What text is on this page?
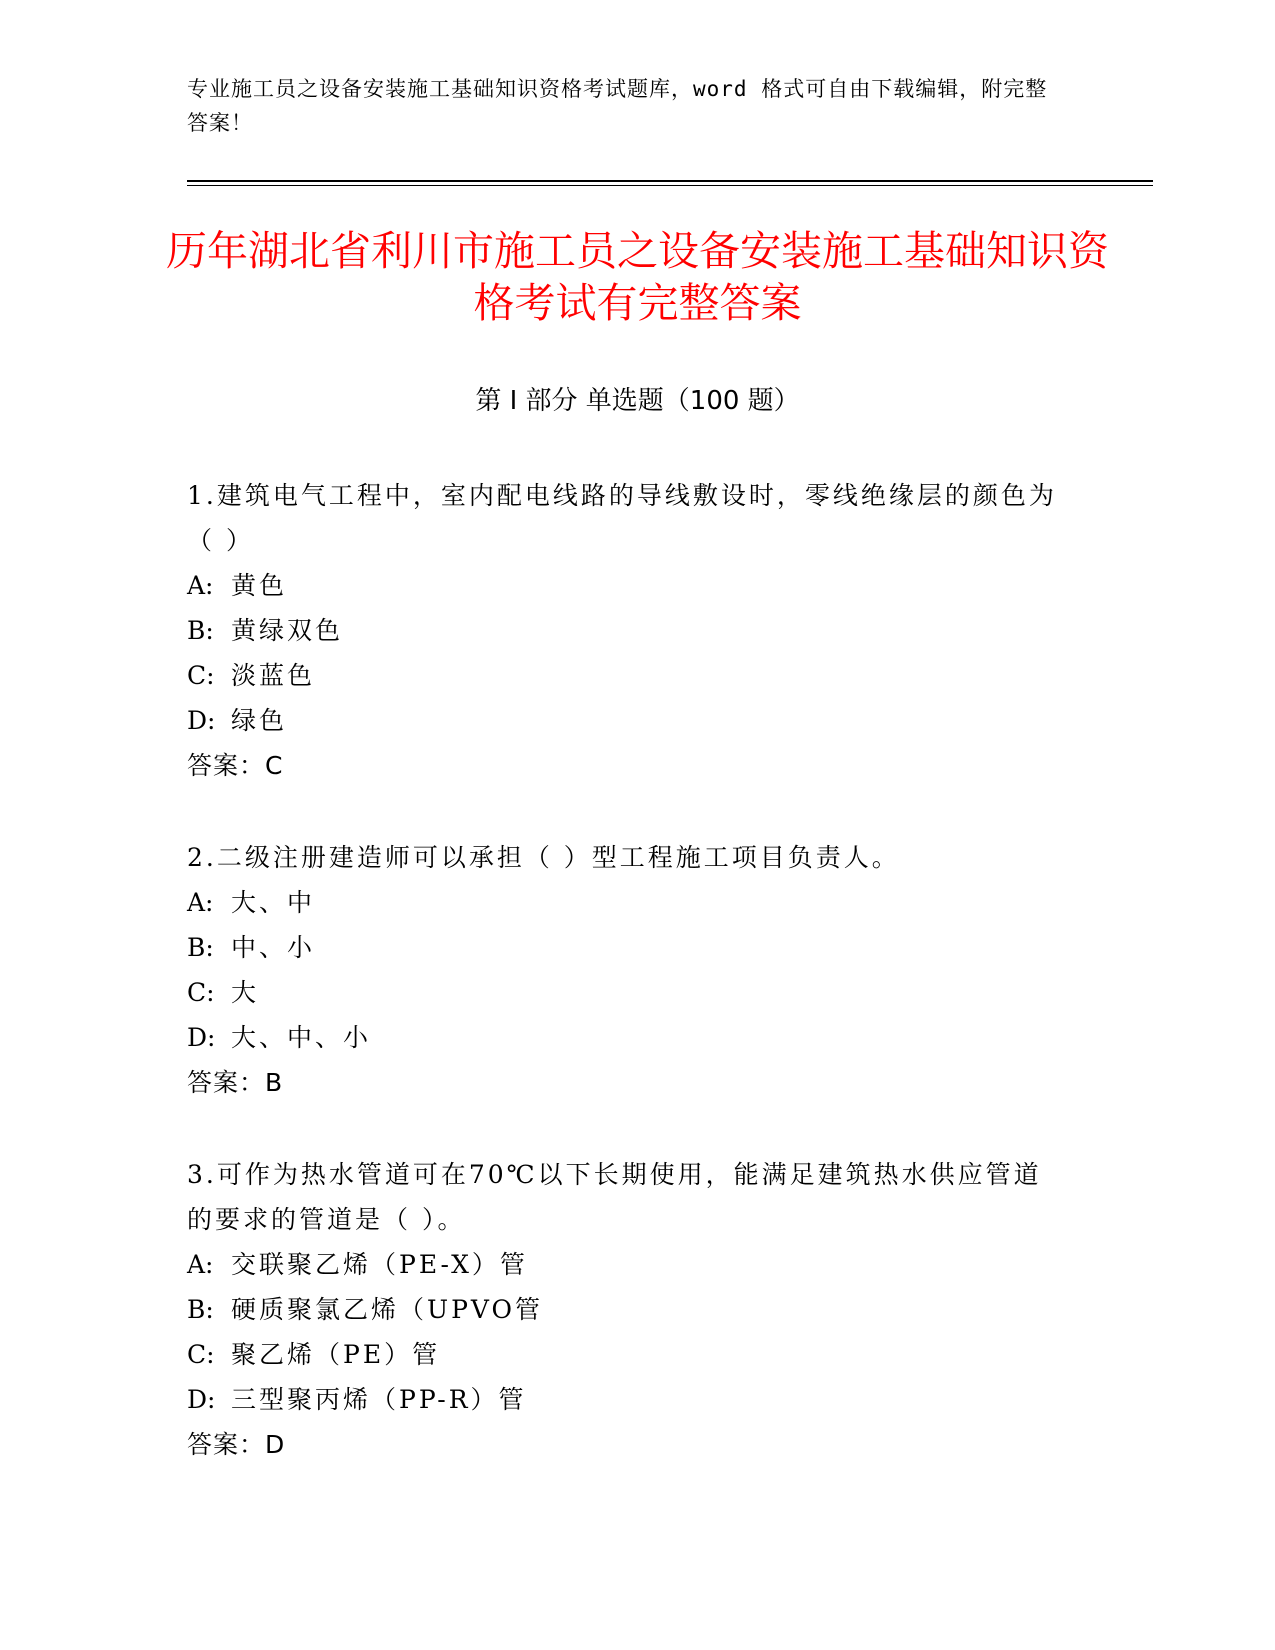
专业施工员之设备安装施工基础知识资格考试题库，word 格式可自由下载编辑，附完整答案！
历年湖北省利川市施工员之设备安装施工基础知识资格考试有完整答案
第 I 部分 单选题（100 题）
1.建筑电气工程中，室内配电线路的导线敷设时，零线绝缘层的颜色为（ ）
A: 黄色
B: 黄绿双色
C: 淡蓝色
D: 绿色
答案：C
2.二级注册建造师可以承担（ ）型工程施工项目负责人。
A: 大、中
B: 中、小
C: 大
D: 大、中、小
答案：B
3.可作为热水管道可在70℃以下长期使用，能满足建筑热水供应管道的要求的管道是（ ）。
A: 交联聚乙烯（PE-X）管
B: 硬质聚氯乙烯（UPVO管
C: 聚乙烯（PE）管
D: 三型聚丙烯（PP-R）管
答案：D
